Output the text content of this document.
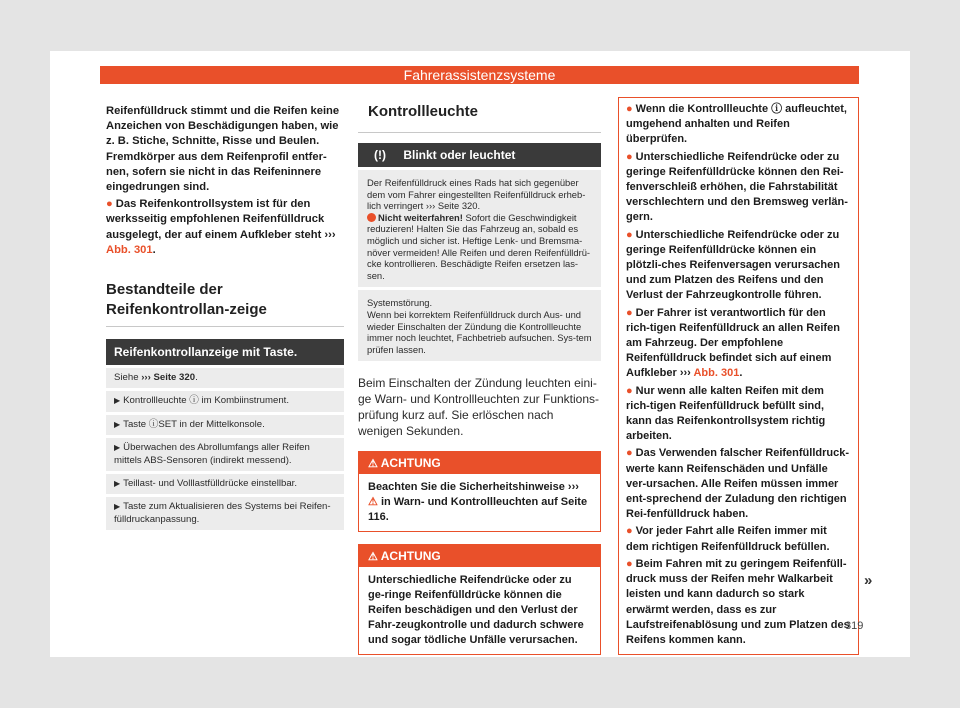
Fahrerassistenzsysteme

Reifenfülldruck stimmt und die Reifen keine Anzeichen von Beschädigungen haben, wie z. B. Stiche, Schnitte, Risse und Beulen. Fremdkörper aus dem Reifenprofil entfer-nen, sofern sie nicht in das Reifeninnere eingedrungen sind.

● Das Reifenkontrollsystem ist für den werksseitig empfohlenen Reifenfülldruck ausgelegt, der auf einem Aufkleber steht ››› Abb. 301.

Bestandteile der Reifenkontrollan-zeige
Reifenkontrollanzeige mit Taste.
Siehe ››› Seite 320.
▶ Kontrollleuchte ⓘ im Kombiinstrument.
▶ Taste ⓘSET in der Mittelkonsole.
▶ Überwachen des Abrollumfangs aller Reifen mittels ABS-Sensoren (indirekt messend).
▶ Teillast- und Volllastfülldrücke einstellbar.
▶ Taste zum Aktualisieren des Systems bei Reifen-fülldruckanpassung.
Kontrollleuchte
(!) Blinkt oder leuchtet
Der Reifenfülldruck eines Rads hat sich gegenüber dem vom Fahrer eingestellten Reifenfülldruck erheb-lich verringert ››› Seite 320.
Nicht weiterfahren! Sofort die Geschwindigkeit reduzieren! Halten Sie das Fahrzeug an, sobald es möglich und sicher ist. Heftige Lenk- und Bremsma-növer vermeiden! Alle Reifen und deren Reifenfülldrü-cke kontrollieren. Beschädigte Reifen ersetzen las-sen.
Systemstörung.
Wenn bei korrektem Reifenfülldruck durch Aus- und wieder Einschalten der Zündung die Kontrollleuchte immer noch leuchtet, Fachbetrieb aufsuchen. Sys-tem prüfen lassen.

Beim Einschalten der Zündung leuchten eini-ge Warn- und Kontrollleuchten zur Funktions-prüfung kurz auf. Sie erlöschen nach wenigen Sekunden.

⚠ ACHTUNG
Beachten Sie die Sicherheitshinweise ››› ⚠ in Warn- und Kontrollleuchten auf Seite 116.
⚠ ACHTUNG
Unterschiedliche Reifendrücke oder zu ge-ringe Reifenfülldrücke können die Reifen beschädigen und den Verlust der Fahr-zeugkontrolle und dadurch schwere und sogar tödliche Unfälle verursachen.

● Wenn die Kontrollleuchte ⓘ aufleuchtet, umgehend anhalten und Reifen überprüfen.

● Unterschiedliche Reifendrücke oder zu geringe Reifenfülldrücke können den Rei-fenverschleiß erhöhen, die Fahrstabilität verschlechtern und den Bremsweg verlän-gern.

● Unterschiedliche Reifendrücke oder zu geringe Reifenfülldrücke können ein plötzli-ches Reifenversagen verursachen und zum Platzen des Reifens und den Verlust der Fahrzeugkontrolle führen.

● Der Fahrer ist verantwortlich für den rich-tigen Reifenfülldruck an allen Reifen am Fahrzeug. Der empfohlene Reifenfülldruck befindet sich auf einem Aufkleber ››› Abb. 301.

● Nur wenn alle kalten Reifen mit dem rich-tigen Reifenfülldruck befüllt sind, kann das Reifenkontrollsystem richtig arbeiten.

● Das Verwenden falscher Reifenfülldruck-werte kann Reifenschäden und Unfälle ver-ursachen. Alle Reifen müssen immer ent-sprechend der Zuladung den richtigen Rei-fenfülldruck haben.

● Vor jeder Fahrt alle Reifen immer mit dem richtigen Reifenfülldruck befüllen.

● Beim Fahren mit zu geringem Reifenfüll-druck muss der Reifen mehr Walkarbeit leisten und kann dadurch so stark erwärmt werden, dass es zur Laufstreifenablösung und zum Platzen des Reifens kommen kann.

»
319
